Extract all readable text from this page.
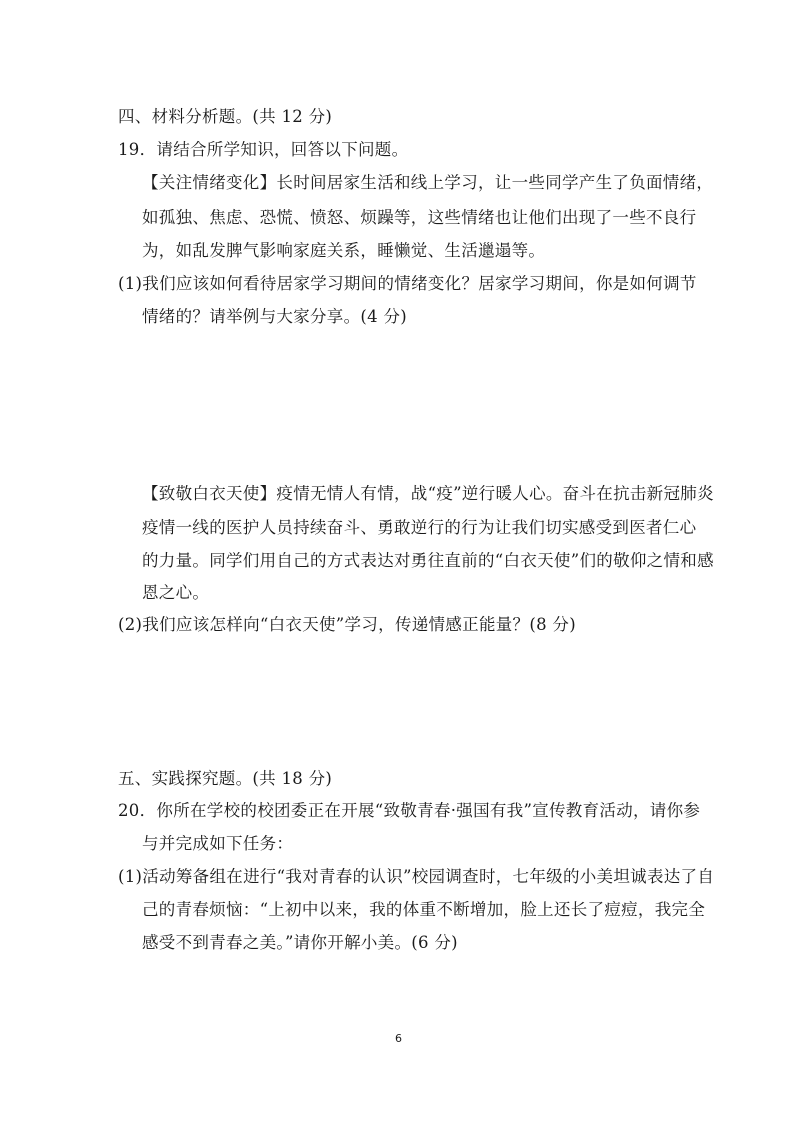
四、材料分析题。(共 12 分)
19．请结合所学知识，回答以下问题。
【关注情绪变化】长时间居家生活和线上学习，让一些同学产生了负面情绪，
如孤独、焦虑、恐慌、愤怒、烦躁等，这些情绪也让他们出现了一些不良行
为，如乱发脾气影响家庭关系，睡懒觉、生活邋遢等。
(1)我们应该如何看待居家学习期间的情绪变化？居家学习期间，你是如何调节
情绪的？请举例与大家分享。(4 分)
【致敬白衣天使】疫情无情人有情，战“疫”逆行暖人心。奋斗在抗击新冠肺炎
疫情一线的医护人员持续奋斗、勇敢逆行的行为让我们切实感受到医者仁心
的力量。同学们用自己的方式表达对勇往直前的“白衣天使”们的敬仰之情和感
恩之心。
(2)我们应该怎样向“白衣天使”学习，传递情感正能量？(8 分)
五、实践探究题。(共 18 分)
20．你所在学校的校团委正在开展“致敬青春·强国有我”宣传教育活动，请你参
与并完成如下任务：
(1)活动筹备组在进行“我对青春的认识”校园调查时，七年级的小美坦诚表达了自
己的青春烦恼：“上初中以来，我的体重不断增加，脸上还长了痘痘，我完全
感受不到青春之美。”请你开解小美。(6 分)
6
